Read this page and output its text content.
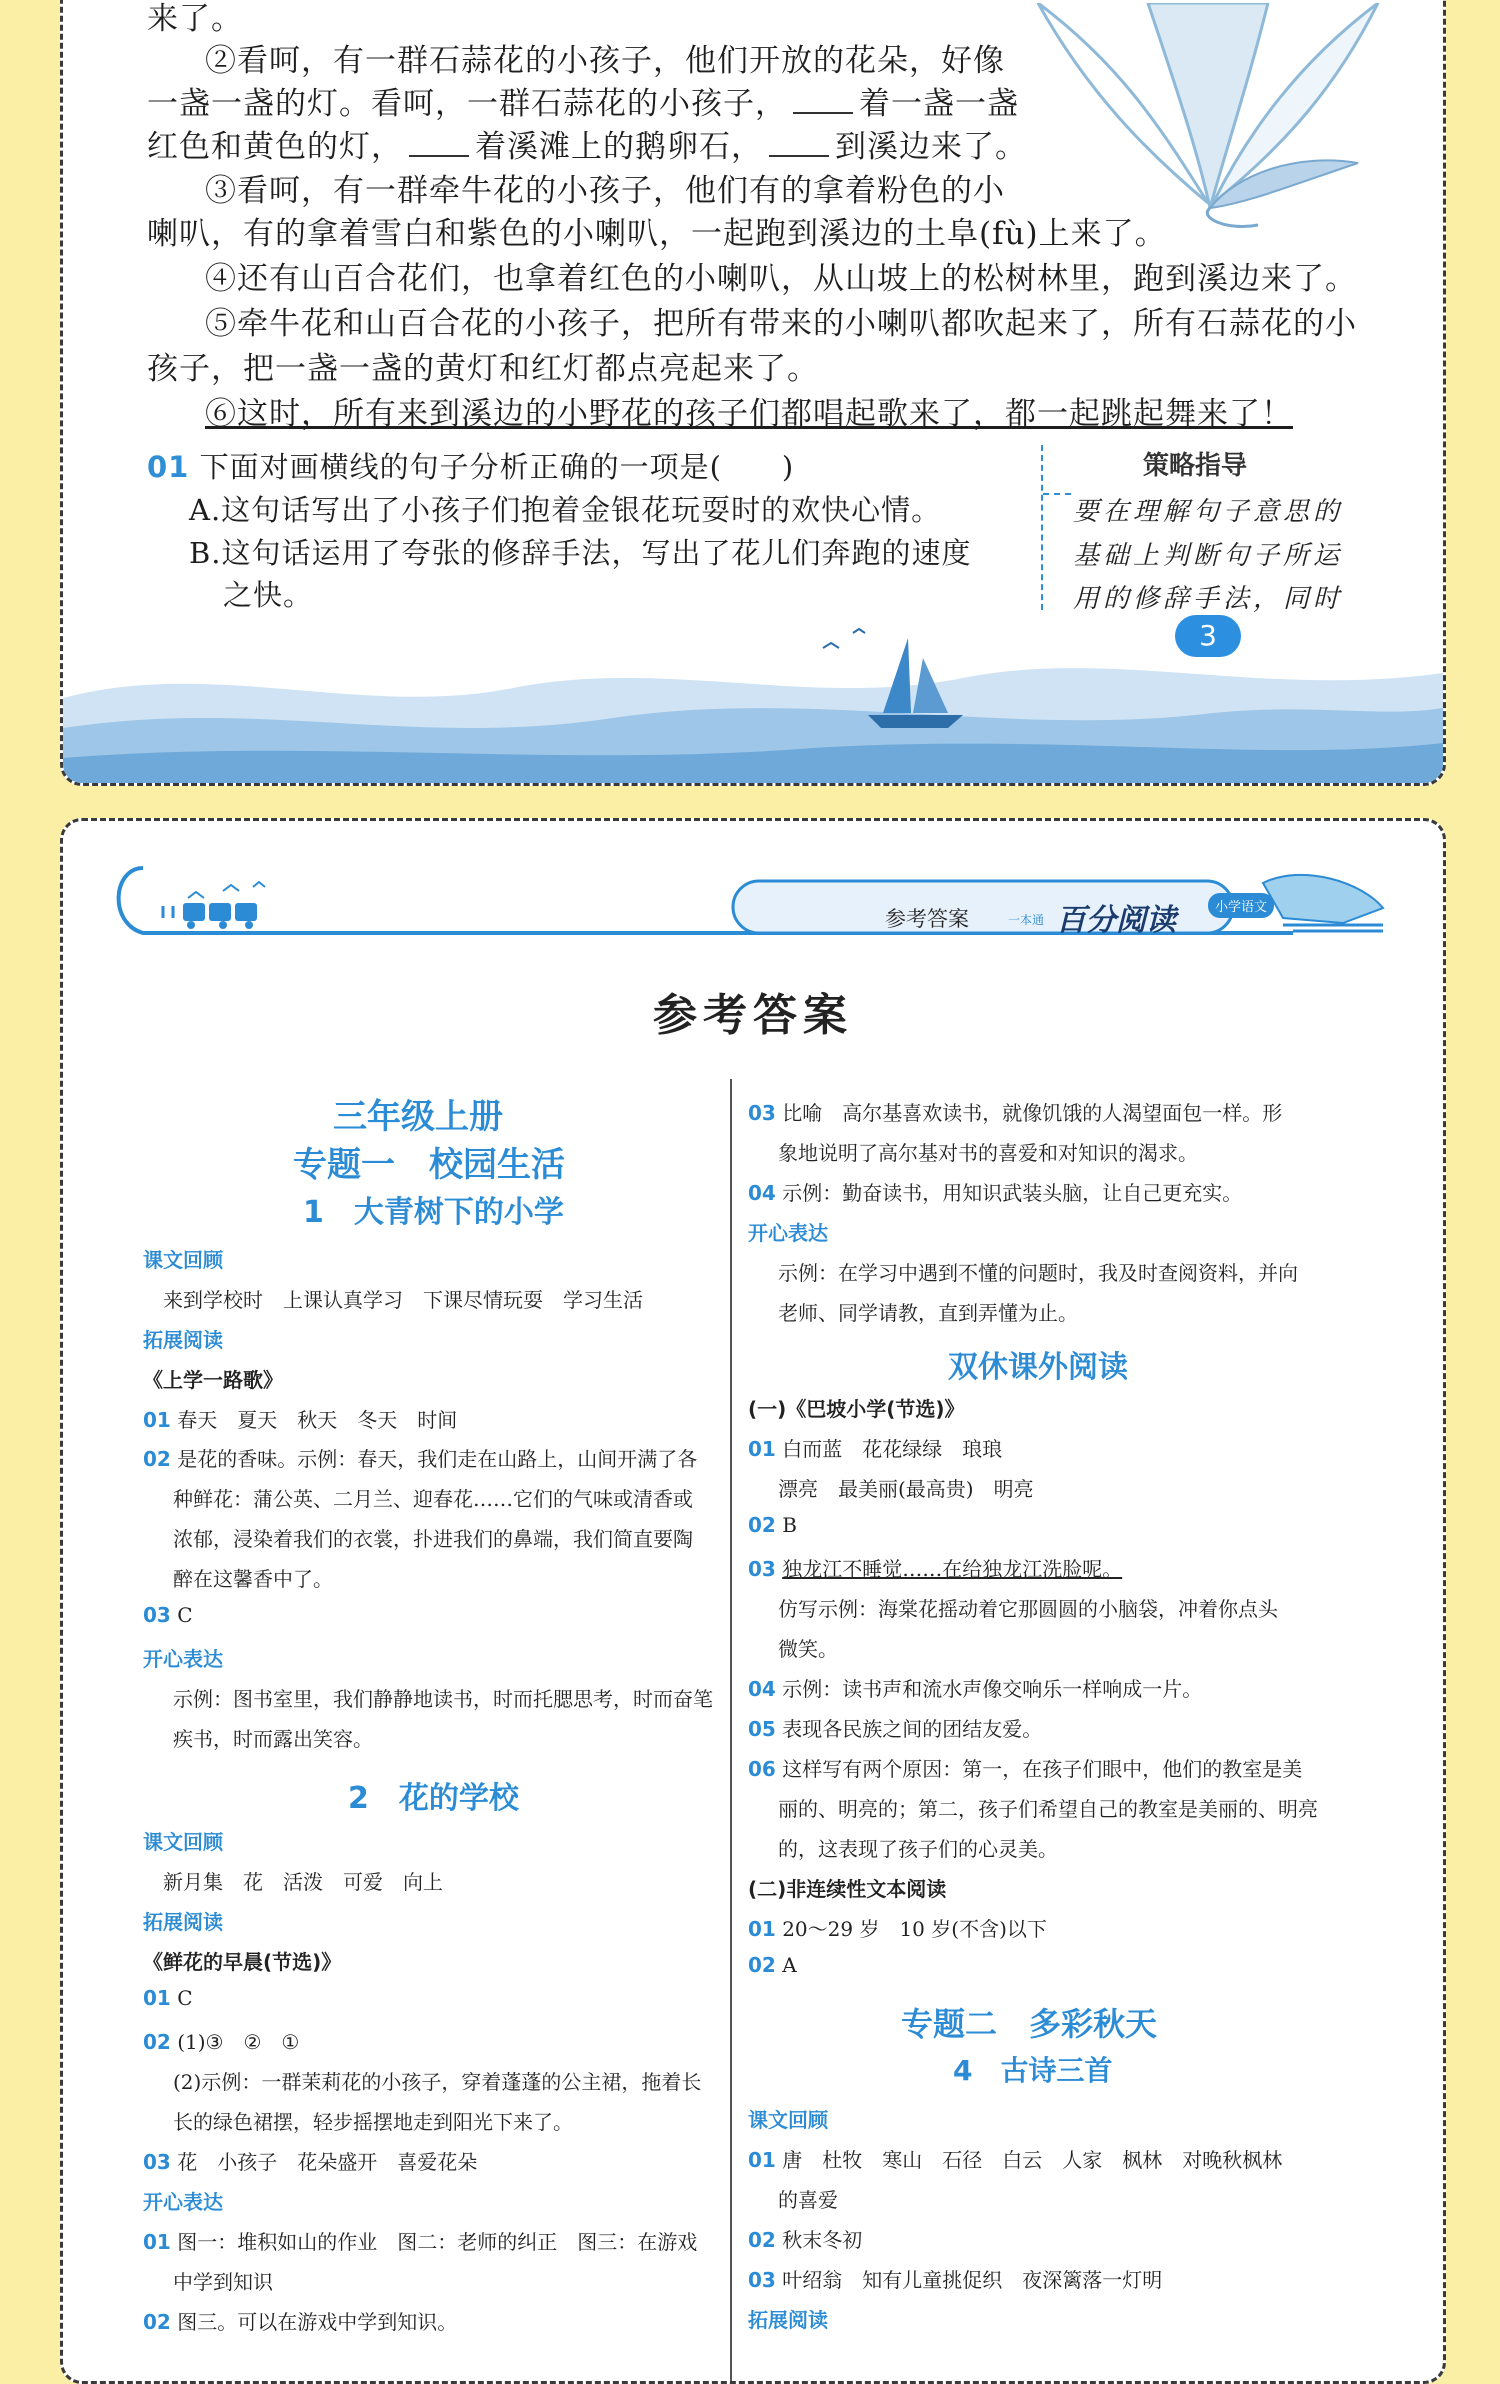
来了。
②看呵，有一群石蒜花的小孩子，他们开放的花朵，好像
一盏一盏的灯。看呵，一群石蒜花的小孩子， 着一盏一盏
红色和黄色的灯， 着溪滩上的鹅卵石， 到溪边来了。
③看呵，有一群牵牛花的小孩子，他们有的拿着粉色的小
喇叭，有的拿着雪白和紫色的小喇叭，一起跑到溪边的土阜(fù)上来了。
④还有山百合花们，也拿着红色的小喇叭，从山坡上的松树林里，跑到溪边来了。
⑤牵牛花和山百合花的小孩子，把所有带来的小喇叭都吹起来了，所有石蒜花的小
孩子，把一盏一盏的黄灯和红灯都点亮起来了。
⑥这时，所有来到溪边的小野花的孩子们都唱起歌来了，都一起跳起舞来了！
01 下面对画横线的句子分析正确的一项是(　　)
A.这句话写出了小孩子们抱着金银花玩耍时的欢快心情。
B.这句话运用了夸张的修辞手法，写出了花儿们奔跑的速度
之快。
策略指导
要在理解句子意思的
基础上判断句子所运
用的修辞手法，同时
3

参考答案	一本通 百分阅读	小学语文
参考答案
三年级上册
专题一　校园生活
1　大青树下的小学
课文回顾
来到学校时　上课认真学习　下课尽情玩耍　学习生活
拓展阅读
《上学一路歌》
01 春天　夏天　秋天　冬天　时间
02 是花的香味。示例：春天，我们走在山路上，山间开满了各
种鲜花：蒲公英、二月兰、迎春花……它们的气味或清香或
浓郁，浸染着我们的衣裳，扑进我们的鼻端，我们简直要陶
醉在这馨香中了。
03 C
开心表达
示例：图书室里，我们静静地读书，时而托腮思考，时而奋笔
疾书，时而露出笑容。
2　花的学校
课文回顾
新月集　花　活泼　可爱　向上
拓展阅读
《鲜花的早晨(节选)》
01 C
02 (1)③　②　①
(2)示例：一群茉莉花的小孩子，穿着蓬蓬的公主裙，拖着长
长的绿色裙摆，轻步摇摆地走到阳光下来了。
03 花　小孩子　花朵盛开　喜爱花朵
开心表达
01 图一：堆积如山的作业　图二：老师的纠正　图三：在游戏
中学到知识
02 图三。可以在游戏中学到知识。
03 比喻　高尔基喜欢读书，就像饥饿的人渴望面包一样。形
象地说明了高尔基对书的喜爱和对知识的渴求。
04 示例：勤奋读书，用知识武装头脑，让自己更充实。
开心表达
示例：在学习中遇到不懂的问题时，我及时查阅资料，并向
老师、同学请教，直到弄懂为止。
双休课外阅读
(一)《巴坡小学(节选)》
01 白而蓝　花花绿绿　琅琅
漂亮　最美丽(最高贵)　明亮
02 B
03 独龙江不睡觉……在给独龙江洗脸呢。
仿写示例：海棠花摇动着它那圆圆的小脑袋，冲着你点头
微笑。
04 示例：读书声和流水声像交响乐一样响成一片。
05 表现各民族之间的团结友爱。
06 这样写有两个原因：第一，在孩子们眼中，他们的教室是美
丽的、明亮的；第二，孩子们希望自己的教室是美丽的、明亮
的，这表现了孩子们的心灵美。
(二)非连续性文本阅读
01 20～29 岁　10 岁(不含)以下
02 A
专题二　多彩秋天
4　古诗三首
课文回顾
01 唐　杜牧　寒山　石径　白云　人家　枫林　对晚秋枫林
的喜爱
02 秋末冬初
03 叶绍翁　知有儿童挑促织　夜深篱落一灯明
拓展阅读
